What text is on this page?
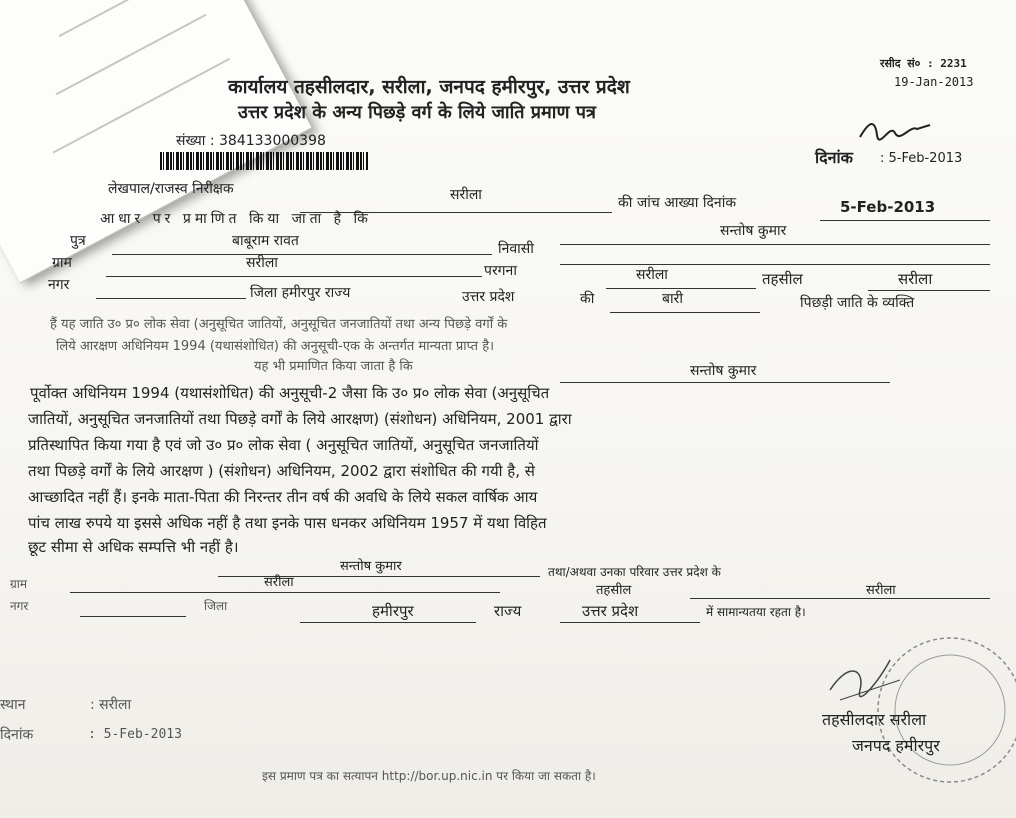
रसीद सं० : 2231
19-Jan-2013
कार्यालय तहसीलदार, सरीला, जनपद हमीरपुर, उत्तर प्रदेश
उत्तर प्रदेश के अन्य पिछड़े वर्ग के लिये जाति प्रमाण पत्र
संख्या : 384133000398
दिनांक : 5-Feb-2013
लेखपाल/राजस्व निरीक्षक	सरीला	की जांच आख्या दिनांक	5-Feb-2013
आधार पर प्रमाणित किया जाता है कि
सन्तोष कुमार
पुत्र	बाबूराम रावत	निवासी
ग्राम	सरीला	परगना	सरीला	तहसील	सरीला
नगर	जिला हमीरपुर राज्य	उत्तर प्रदेश	की	बारी	पिछड़ी जाति के व्यक्ति
हैं यह जाति उ० प्र० लोक सेवा (अनुसूचित जातियों, अनुसूचित जनजातियों तथा अन्य पिछड़े वर्गों के
लिये आरक्षण अधिनियम 1994 (यथासंशोधित) की अनुसूची-एक के अन्तर्गत मान्यता प्राप्त है।
यह भी प्रमाणित किया जाता है कि	सन्तोष कुमार
पूर्वोक्त अधिनियम 1994 (यथासंशोधित) की अनुसूची-2 जैसा कि उ० प्र० लोक सेवा (अनुसूचित
जातियों, अनुसूचित जनजातियों तथा पिछड़े वर्गों के लिये आरक्षण) (संशोधन) अधिनियम, 2001 द्वारा
प्रतिस्थापित किया गया है एवं जो उ० प्र० लोक सेवा ( अनुसूचित जातियों, अनुसूचित जनजातियों
तथा पिछड़े वर्गों के लिये आरक्षण ) (संशोधन) अधिनियम, 2002 द्वारा संशोधित की गयी है, से
आच्छादित नहीं हैं। इनके माता-पिता की निरन्तर तीन वर्ष की अवधि के लिये सकल वार्षिक आय
पांच लाख रुपये या इससे अधिक नहीं है तथा इनके पास धनकर अधिनियम 1957 में यथा विहित
छूट सीमा से अधिक सम्पत्ति भी नहीं है।
सन्तोष कुमार	तथा/अथवा उनका परिवार उत्तर प्रदेश के
ग्राम	सरीला
तहसील	सरीला
नगर	जिला	हमीरपुर	राज्य	उत्तर प्रदेश	में सामान्यतया रहता है।
स्थान	: सरीला
दिनांक	: 5-Feb-2013
इस प्रमाण पत्र का सत्यापन http://bor.up.nic.in पर किया जा सकता है।
तहसीलदार सरीला
जनपद हमीरपुर
